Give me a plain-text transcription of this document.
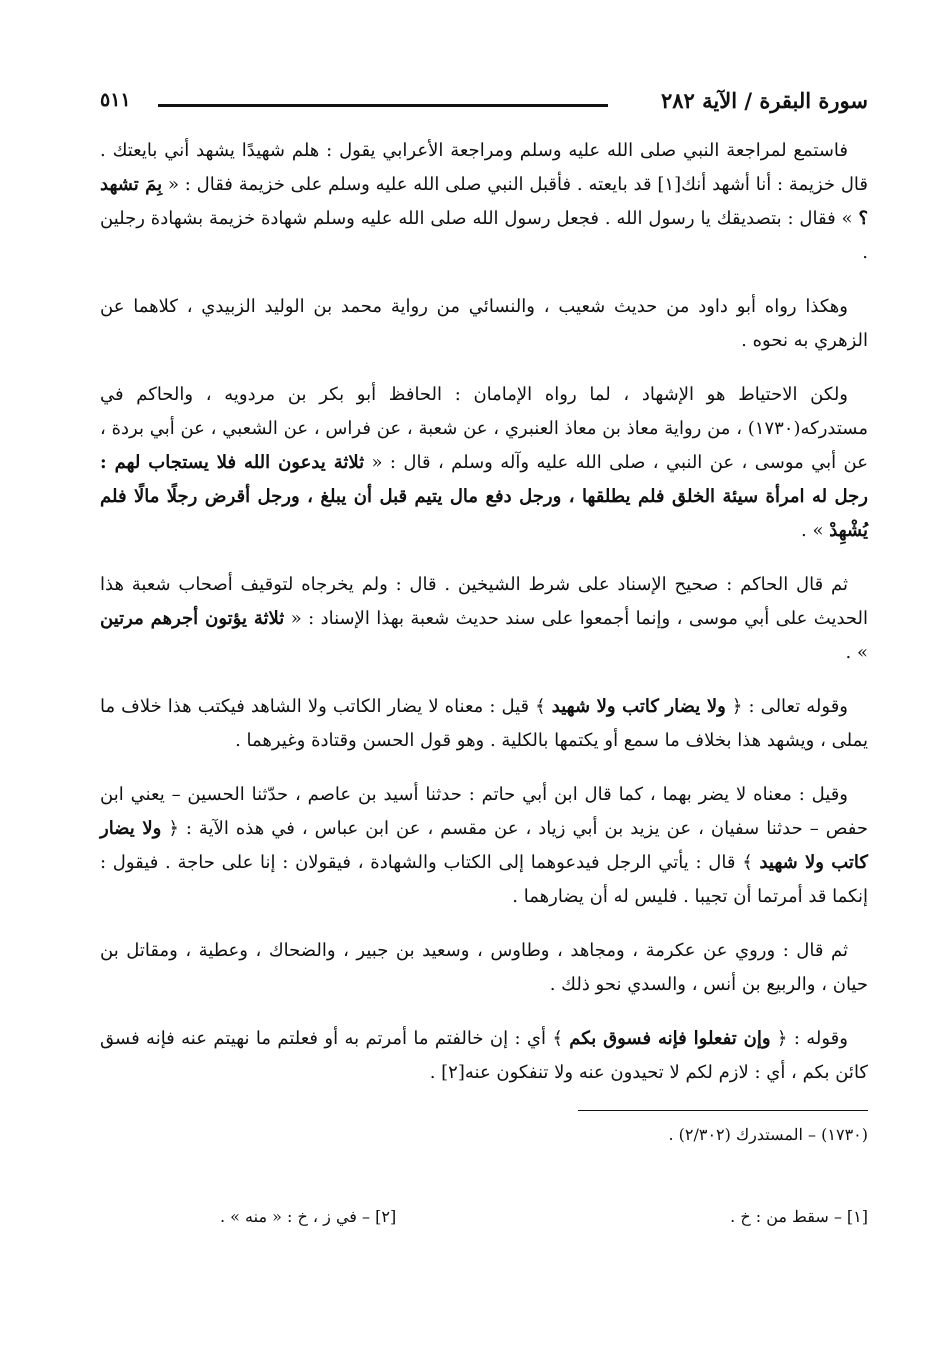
سورة البقرة / الآية ٢٨٢
٥١١

فاستمع لمراجعة النبي صلى الله عليه وسلم ومراجعة الأعرابي يقول : هلم شهيدًا يشهد أني بايعتك . قال خزيمة : أنا أشهد أنك[١] قد بايعته . فأقبل النبي صلى الله عليه وسلم على خزيمة فقال : « بِمَ تشهد ؟ » فقال : بتصديقك يا رسول الله . فجعل رسول الله صلى الله عليه وسلم شهادة خزيمة بشهادة رجلين .

وهكذا رواه أبو داود من حديث شعيب ، والنسائي من رواية محمد بن الوليد الزبيدي ، كلاهما عن الزهري به نحوه .

ولكن الاحتياط هو الإشهاد ، لما رواه الإمامان : الحافظ أبو بكر بن مردويه ، والحاكم في مستدركه(١٧٣٠) ، من رواية معاذ بن معاذ العنبري ، عن شعبة ، عن فراس ، عن الشعبي ، عن أبي بردة ، عن أبي موسى ، عن النبي ، صلى الله عليه وآله وسلم ، قال : « ثلاثة يدعون الله فلا يستجاب لهم : رجل له امرأة سيئة الخلق فلم يطلقها ، ورجل دفع مال يتيم قبل أن يبلغ ، ورجل أقرض رجلًا مالًا فلم يُشْهِدْ » .

ثم قال الحاكم : صحيح الإسناد على شرط الشيخين . قال : ولم يخرجاه لتوقيف أصحاب شعبة هذا الحديث على أبي موسى ، وإنما أجمعوا على سند حديث شعبة بهذا الإسناد : « ثلاثة يؤتون أجرهم مرتين » .

وقوله تعالى : ﴿ ولا يضار كاتب ولا شهيد ﴾ قيل : معناه لا يضار الكاتب ولا الشاهد فيكتب هذا خلاف ما يملى ، ويشهد هذا بخلاف ما سمع أو يكتمها بالكلية . وهو قول الحسن وقتادة وغيرهما .

وقيل : معناه لا يضر بهما ، كما قال ابن أبي حاتم : حدثنا أسيد بن عاصم ، حدّثنا الحسين – يعني ابن حفص – حدثنا سفيان ، عن يزيد بن أبي زياد ، عن مقسم ، عن ابن عباس ، في هذه الآية : ﴿ ولا يضار كاتب ولا شهيد ﴾ قال : يأتي الرجل فيدعوهما إلى الكتاب والشهادة ، فيقولان : إنا على حاجة . فيقول : إنكما قد أمرتما أن تجيبا . فليس له أن يضارهما .

ثم قال : وروي عن عكرمة ، ومجاهد ، وطاوس ، وسعيد بن جبير ، والضحاك ، وعطية ، ومقاتل بن حيان ، والربيع بن أنس ، والسدي نحو ذلك .

وقوله : ﴿ وإن تفعلوا فإنه فسوق بكم ﴾ أي : إن خالفتم ما أمرتم به أو فعلتم ما نهيتم عنه فإنه فسق كائن بكم ، أي : لازم لكم لا تحيدون عنه ولا تنفكون عنه[٢] .

(١٧٣٠) – المستدرك (٢/٣٠٢) .
[١] – سقط من : خ .
[٢] – في ز ، خ : « منه » .
